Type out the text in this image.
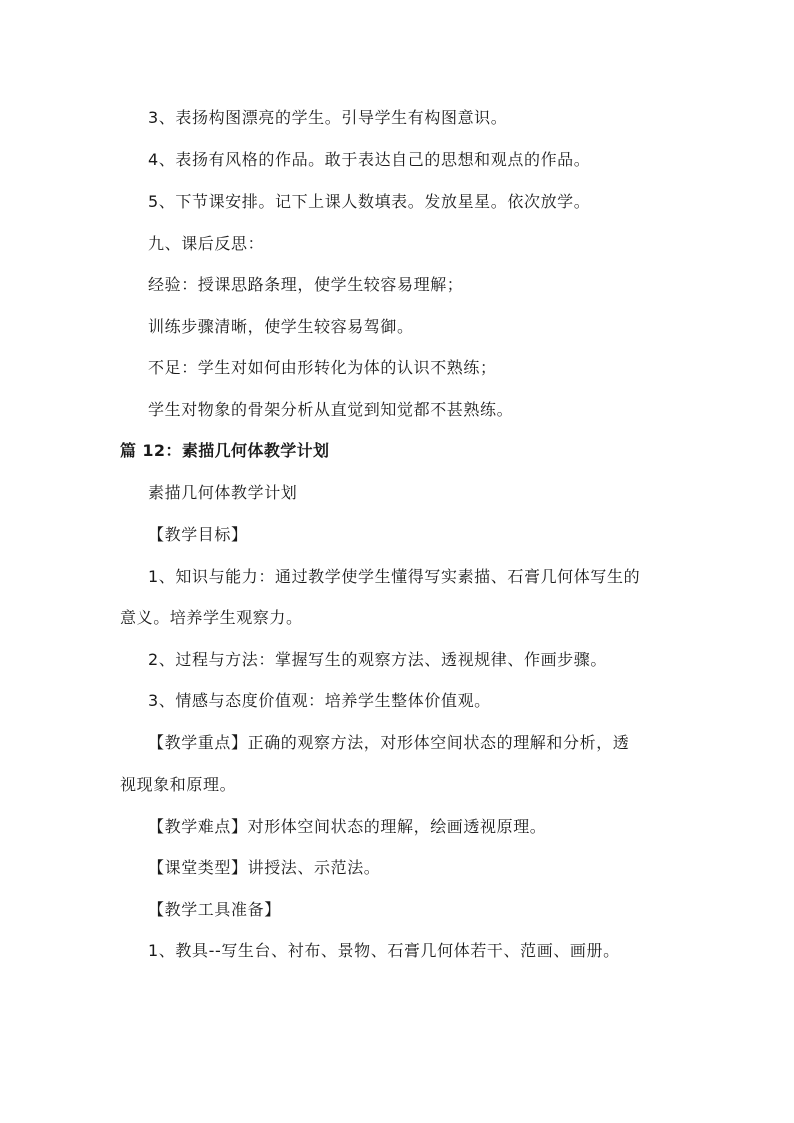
3、表扬构图漂亮的学生。引导学生有构图意识。
4、表扬有风格的作品。敢于表达自己的思想和观点的作品。
5、下节课安排。记下上课人数填表。发放星星。依次放学。
九、课后反思：
经验：授课思路条理，使学生较容易理解；
训练步骤清晰，使学生较容易驾御。
不足：学生对如何由形转化为体的认识不熟练；
学生对物象的骨架分析从直觉到知觉都不甚熟练。
篇 12：素描几何体教学计划
素描几何体教学计划
【教学目标】
1、知识与能力：通过教学使学生懂得写实素描、石膏几何体写生的
意义。培养学生观察力。
2、过程与方法：掌握写生的观察方法、透视规律、作画步骤。
3、情感与态度价值观：培养学生整体价值观。
【教学重点】正确的观察方法，对形体空间状态的理解和分析，透
视现象和原理。
【教学难点】对形体空间状态的理解，绘画透视原理。
【课堂类型】讲授法、示范法。
【教学工具准备】
1、教具--写生台、衬布、景物、石膏几何体若干、范画、画册。
